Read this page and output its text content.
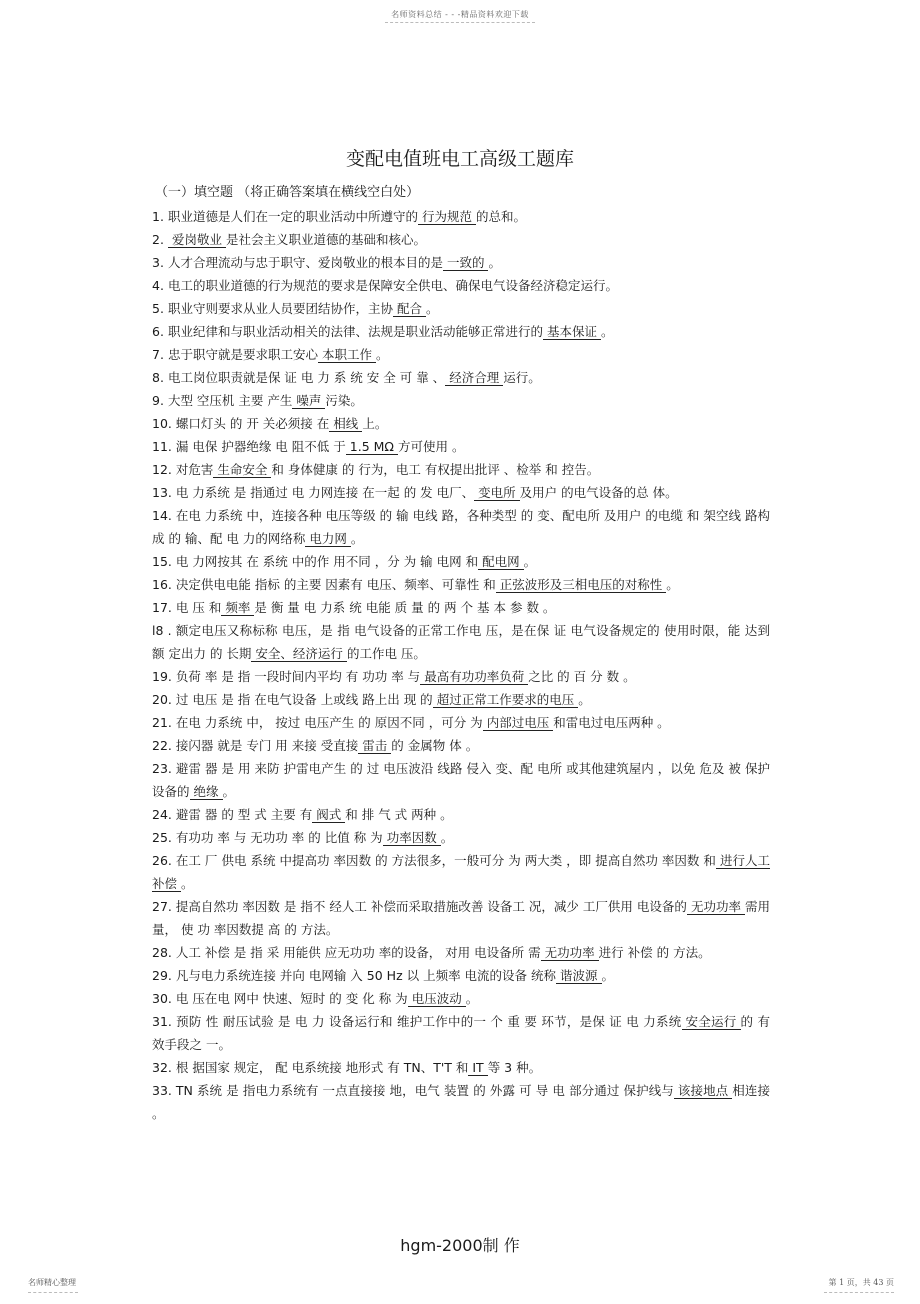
名师资料总结 - - -精品资料欢迎下载
变配电值班电工高级工题库
（一）填空题 （将正确答案填在横线空白处）

1. 职业道德是人们在一定的职业活动中所遵守的 行为规范 的总和。

2. 爱岗敬业 是社会主义职业道德的基础和核心。

3. 人才合理流动与忠于职守、爱岗敬业的根本目的是 一致的 。

4. 电工的职业道德的行为规范的要求是保障安全供电、确保电气设备经济稳定运行。

5. 职业守则要求从业人员要团结协作，主协 配合 。

6. 职业纪律和与职业活动相关的法律、法规是职业活动能够正常进行的 基本保证 。

7. 忠于职守就是要求职工安心 本职工作 。

8. 电工岗位职责就是保 证 电 力 系 统 安 全 可 靠 、 经济合理 运行。

9. 大型 空压机 主要 产生 噪声 污染。

10. 螺口灯头 的 开 关必须接 在 相线 上。

11. 漏 电保 护器绝缘 电 阻不低 于 1.5 MΩ 方可使用 。

12. 对危害 生命安全 和 身体健康 的 行为，电工 有权提出批评 、检举 和 控告。

13. 电 力系统 是 指通过 电 力网连接 在一起 的 发 电厂、 变电所 及用户 的电气设备的总 体。

14. 在电 力系统 中，连接各种 电压等级 的 输 电线 路，各种类型 的 变、配电所 及用户 的电缆 和 架空线 路构成 的 输、配 电 力的网络称 电力网 。

15. 电 力网按其 在 系统 中的作 用不同 ，分 为 输 电网 和 配电网 。

16. 决定供电电能 指标 的主要 因素有 电压、频率、可靠性 和 正弦波形及三相电压的对称性 。

17. 电 压 和 频率 是 衡 量 电 力系 统 电能 质 量 的 两 个 基 本 参 数 。

l8 . 额定电压又称标称 电压，是 指 电气设备的正常工作电 压，是在保 证 电气设备规定的 使用时限，能 达到 额 定出力 的 长期 安全、经济运行 的工作电 压。

19. 负荷 率 是 指 一段时间内平均 有 功功 率 与 最高有功功率负荷 之比 的 百 分 数 。

20. 过 电压 是 指 在电气设备 上或线 路上出 现 的 超过正常工作要求的电压 。

21. 在电 力系统 中， 按过 电压产生 的 原因不同 ，可分 为 内部过电压 和雷电过电压两种 。

22. 接闪器 就是 专门 用 来接 受直接 雷击 的 金属物 体 。

23. 避雷 器 是 用 来防 护雷电产生 的 过 电压波沿 线路 侵入 变、配 电所 或其他建筑屋内 ，以免 危及 被 保护设备的 绝缘 。

24. 避雷 器 的 型 式 主要 有 阀式 和 排 气 式 两种 。

25. 有功功 率 与 无功功 率 的 比值 称 为 功率因数 。

26. 在工 厂 供电 系统 中提高功 率因数 的 方法很多，一般可分 为 两大类 ，即 提高自然功 率因数 和 进行人工补偿 。

27. 提高自然功 率因数 是 指不 经人工 补偿而采取措施改善 设备工 况，减少 工厂供用 电设备的 无功功率 需用量， 使 功 率因数提 高 的 方法。

28. 人工 补偿 是 指 采 用能供 应无功功 率的设备， 对用 电设备所 需 无功功率 进行 补偿 的 方法。

29. 凡与电力系统连接 并向 电网输 入 50 Hz 以 上频率 电流的设备 统称 谐波源 。

30. 电 压在电 网中 快速、短时 的 变 化 称 为 电压波动 。

31. 预防 性 耐压试验 是 电 力 设备运行和 维护工作中的一 个 重 要 环节，是保 证 电 力系统 安全运行 的 有 效手段之 一。

32. 根 据国家 规定， 配 电系统接 地形式 有 TN、T'T 和 IT 等 3 种。

33. TN 系统 是 指电力系统有 一点直接接 地，电气 装置 的 外露 可 导 电 部分通过 保护线与 该接地点 相连接 。

hgm-2000制 作
名师精心整理	第 1 页，共 43 页
